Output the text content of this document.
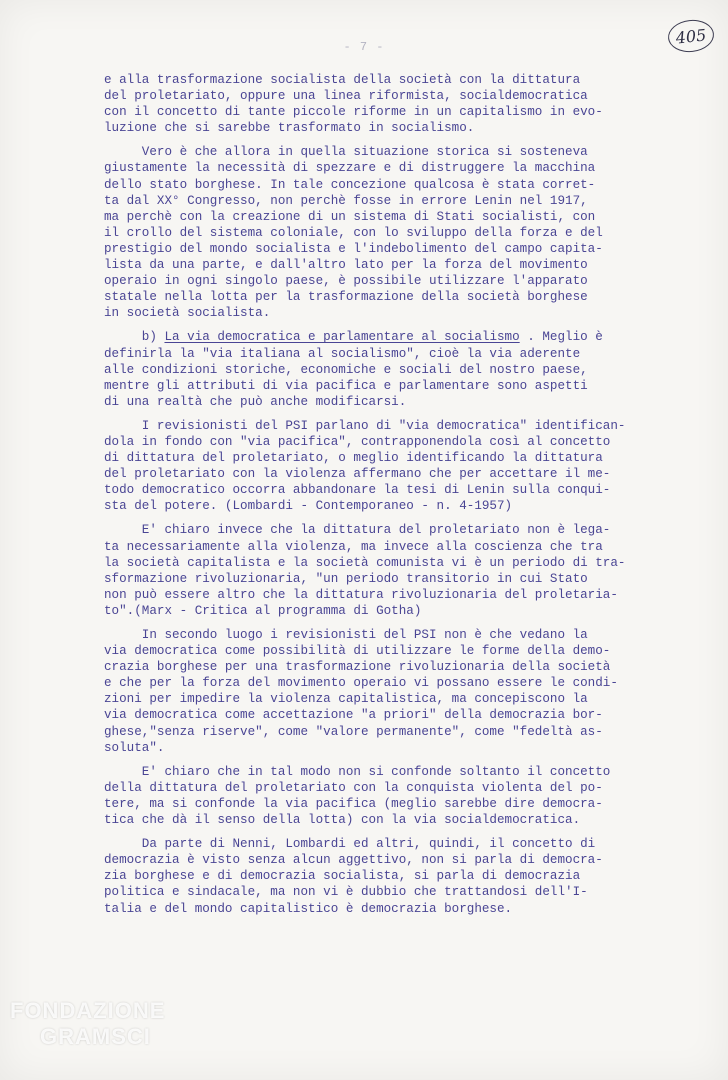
- 7 -	405
e alla trasformazione socialista della società con la dittatura
del proletariato, oppure una linea riformista, socialdemocratica
con il concetto di tante piccole riforme in un capitalismo in evo-
luzione che si sarebbe trasformato in socialismo.
Vero è che allora in quella situazione storica si sosteneva
giustamente la necessità di spezzare e di distruggere la macchina
dello stato borghese. In tale concezione qualcosa è stata corret-
ta dal XX° Congresso, non perchè fosse in errore Lenin nel 1917,
ma perchè con la creazione di un sistema di Stati socialisti, con
il crollo del sistema coloniale, con lo sviluppo della forza e del
prestigio del mondo socialista e l'indebolimento del campo capita-
lista da una parte, e dall'altro lato per la forza del movimento
operaio in ogni singolo paese, è possibile utilizzare l'apparato
statale nella lotta per la trasformazione della società borghese
in società socialista.
b) La via democratica e parlamentare al socialismo . Meglio è
definirla la "via italiana al socialismo", cioè la via aderente
alle condizioni storiche, economiche e sociali del nostro paese,
mentre gli attributi di via pacifica e parlamentare sono aspetti
di una realtà che può anche modificarsi.
I revisionisti del PSI parlano di "via democratica" identifican-
dola in fondo con "via pacifica", contrapponendola così al concetto
di dittatura del proletariato, o meglio identificando la dittatura
del proletariato con la violenza affermano che per accettare il me-
todo democratico occorra abbandonare la tesi di Lenin sulla conqui-
sta del potere. (Lombardi - Contemporaneo - n. 4-1957)
E' chiaro invece che la dittatura del proletariato non è lega-
ta necessariamente alla violenza, ma invece alla coscienza che tra
la società capitalista e la società comunista vi è un periodo di tra-
sformazione rivoluzionaria, "un periodo transitorio in cui Stato
non può essere altro che la dittatura rivoluzionaria del proletaria-
to".(Marx - Critica al programma di Gotha)
In secondo luogo i revisionisti del PSI non è che vedano la
via democratica come possibilità di utilizzare le forme della demo-
crazia borghese per una trasformazione rivoluzionaria della società
e che per la forza del movimento operaio vi possano essere le condi-
zioni per impedire la violenza capitalistica, ma concepiscono la
via democratica come accettazione "a priori" della democrazia bor-
ghese,"senza riserve", come "valore permanente", come "fedeltà as-
soluta".
E' chiaro che in tal modo non si confonde soltanto il concetto
della dittatura del proletariato con la conquista violenta del po-
tere, ma si confonde la via pacifica (meglio sarebbe dire democra-
tica che dà il senso della lotta) con la via socialdemocratica.
Da parte di Nenni, Lombardi ed altri, quindi, il concetto di
democrazia è visto senza alcun aggettivo, non si parla di democra-
zia borghese e di democrazia socialista, si parla di democrazia
politica e sindacale, ma non vi è dubbio che trattandosi dell'I-
talia e del mondo capitalistico è democrazia borghese.
FONDAZIONE
GRAMSCI
